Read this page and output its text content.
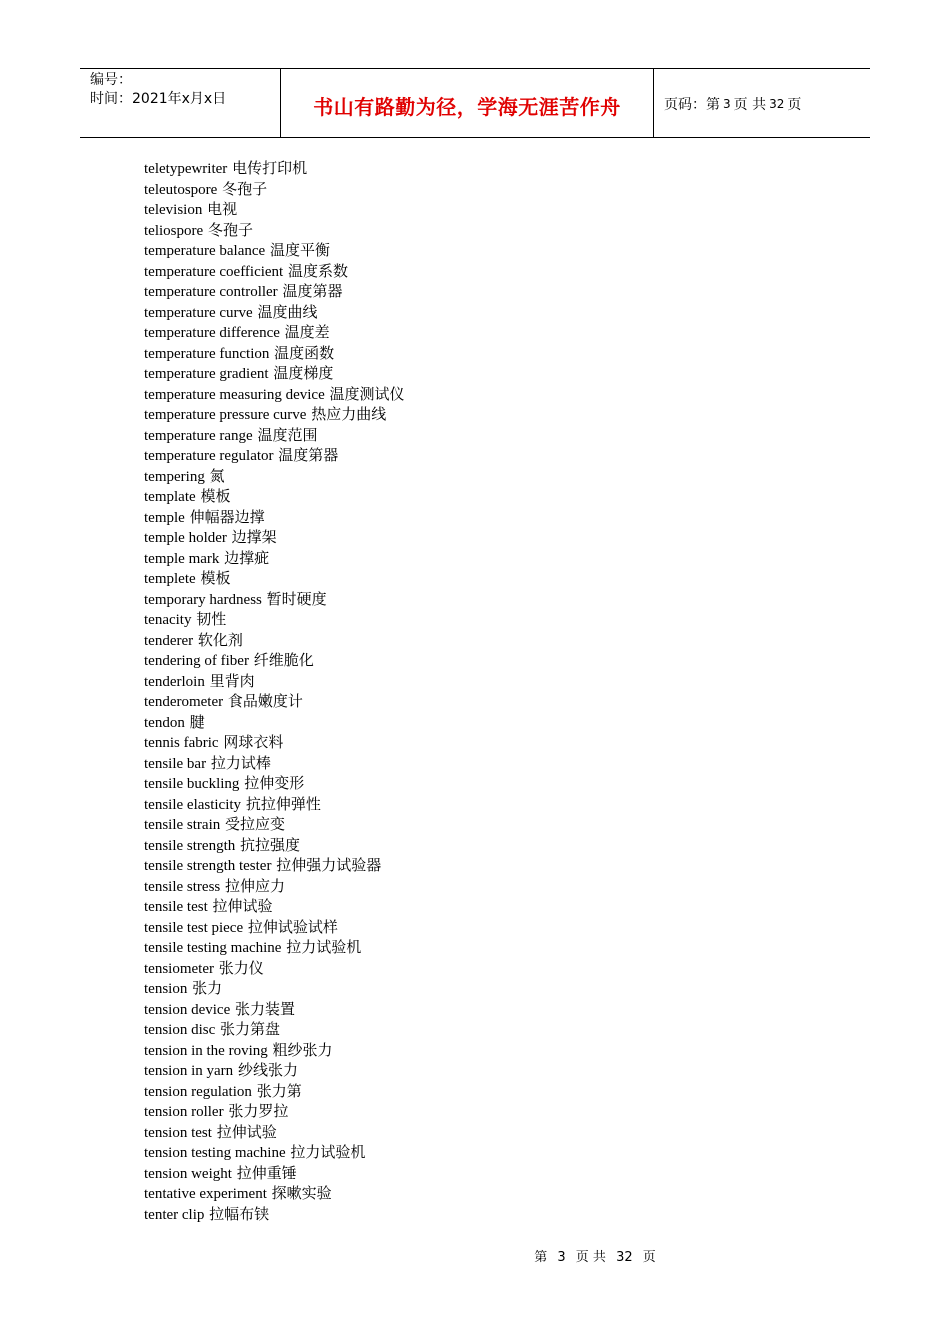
编号：
时间：2021年x月x日	书山有路勤为径，学海无涯苦作舟	页码：第 3 页 共 32 页
teletypewriter 电传打印机
teleutospore 冬孢子
television 电视
teliospore 冬孢子
temperature balance 温度平衡
temperature coefficient 温度系数
temperature controller 温度第器
temperature curve 温度曲线
temperature difference 温度差
temperature function 温度函数
temperature gradient 温度梯度
temperature measuring device 温度测试仪
temperature pressure curve 热应力曲线
temperature range 温度范围
temperature regulator 温度第器
tempering 氮
template 模板
temple 伸幅器边撑
temple holder 边撑架
temple mark 边撑疵
templete 模板
temporary hardness 暂时硬度
tenacity 韧性
tenderer 软化剂
tendering of fiber 纤维脆化
tenderloin 里背肉
tenderometer 食品嫩度计
tendon 腱
tennis fabric 网球衣料
tensile bar 拉力试棒
tensile buckling 拉伸变形
tensile elasticity 抗拉伸弹性
tensile strain 受拉应变
tensile strength 抗拉强度
tensile strength tester 拉伸强力试验器
tensile stress 拉伸应力
tensile test 拉伸试验
tensile test piece 拉伸试验试样
tensile testing machine 拉力试验机
tensiometer 张力仪
tension 张力
tension device 张力装置
tension disc 张力第盘
tension in the roving 粗纱张力
tension in yarn 纱线张力
tension regulation 张力第
tension roller 张力罗拉
tension test 拉伸试验
tension testing machine 拉力试验机
tension weight 拉伸重锤
tentative experiment 探嗽实验
tenter clip 拉幅布铗
第 3 页 共 32 页
